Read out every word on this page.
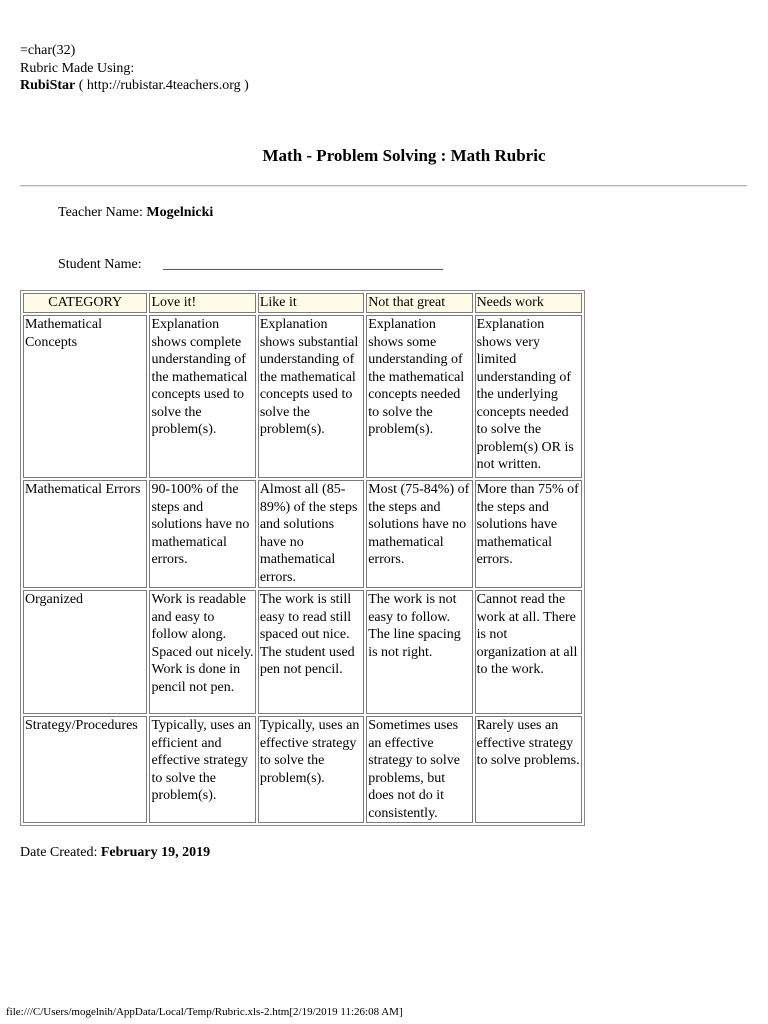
=char(32)
Rubric Made Using:
RubiStar ( http://rubistar.4teachers.org )
Math - Problem Solving : Math Rubric
Teacher Name: Mogelnicki
Student Name: ________________________________________
CATEGORY	Love it!	Like it	Not that great	Needs work
Mathematical Concepts	Explanation shows complete understanding of the mathematical concepts used to solve the problem(s).	Explanation shows substantial understanding of the mathematical concepts used to solve the problem(s).	Explanation shows some understanding of the mathematical concepts needed to solve the problem(s).	Explanation shows very limited understanding of the underlying concepts needed to solve the problem(s) OR is not written.
Mathematical Errors	90-100% of the steps and solutions have no mathematical errors.	Almost all (85-89%) of the steps and solutions have no mathematical errors.	Most (75-84%) of the steps and solutions have no mathematical errors.	More than 75% of the steps and solutions have mathematical errors.
Organized	Work is readable and easy to follow along. Spaced out nicely. Work is done in pencil not pen.	The work is still easy to read still spaced out nice. The student used pen not pencil.	The work is not easy to follow. The line spacing is not right.	Cannot read the work at all. There is not organization at all to the work.
Strategy/Procedures	Typically, uses an efficient and effective strategy to solve the problem(s).	Typically, uses an effective strategy to solve the problem(s).	Sometimes uses an effective strategy to solve problems, but does not do it consistently.	Rarely uses an effective strategy to solve problems.
Date Created: February 19, 2019
file:///C/Users/mogelnih/AppData/Local/Temp/Rubric.xls-2.htm[2/19/2019 11:26:08 AM]
